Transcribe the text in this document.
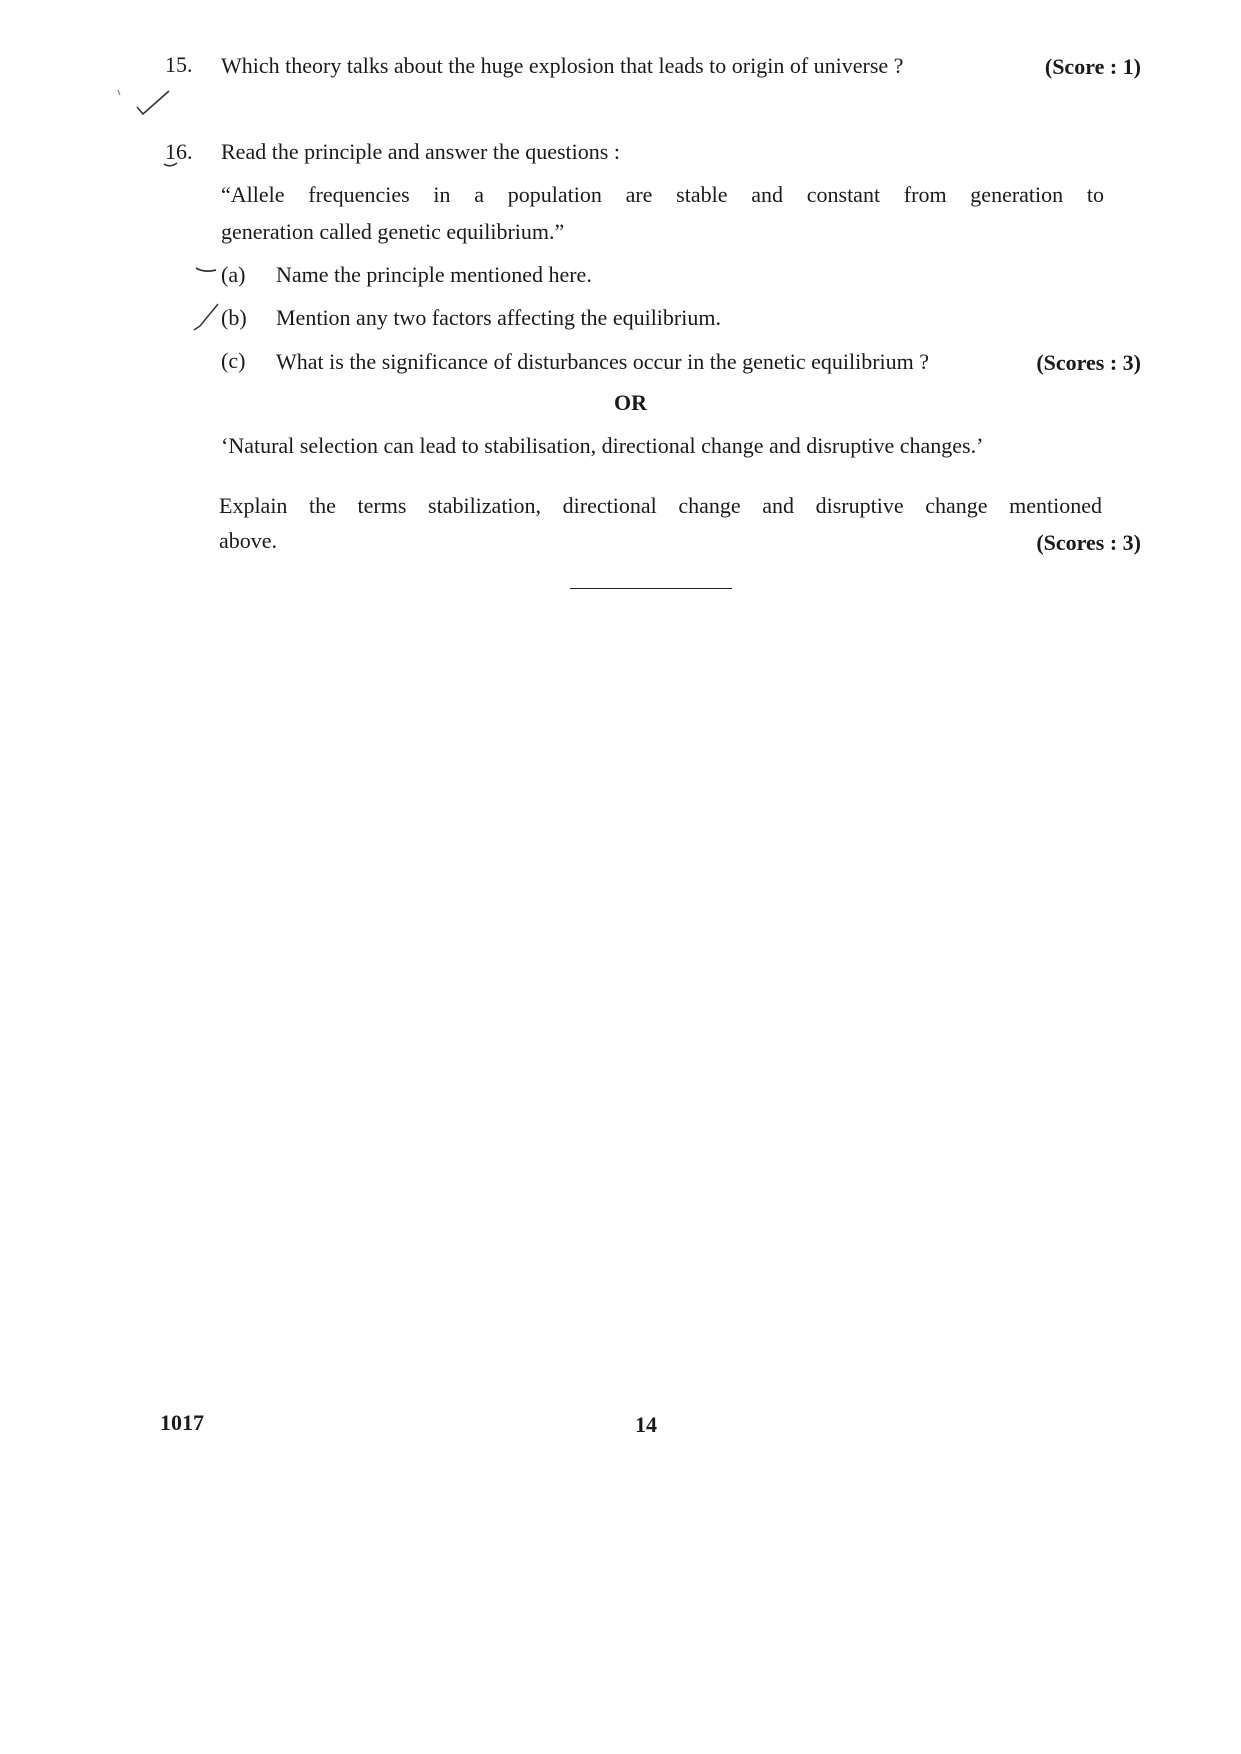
15. Which theory talks about the huge explosion that leads to origin of universe ?	(Score : 1)
16. Read the principle and answer the questions :
“Allele frequencies in a population are stable and constant from generation to
generation called genetic equilibrium.”
(a) Name the principle mentioned here.
(b) Mention any two factors affecting the equilibrium.
(c) What is the significance of disturbances occur in the genetic equilibrium ?	(Scores : 3)
OR
‘Natural selection can lead to stabilisation, directional change and disruptive changes.’
Explain the terms stabilization, directional change and disruptive change mentioned
above.	(Scores : 3)
1017	14
